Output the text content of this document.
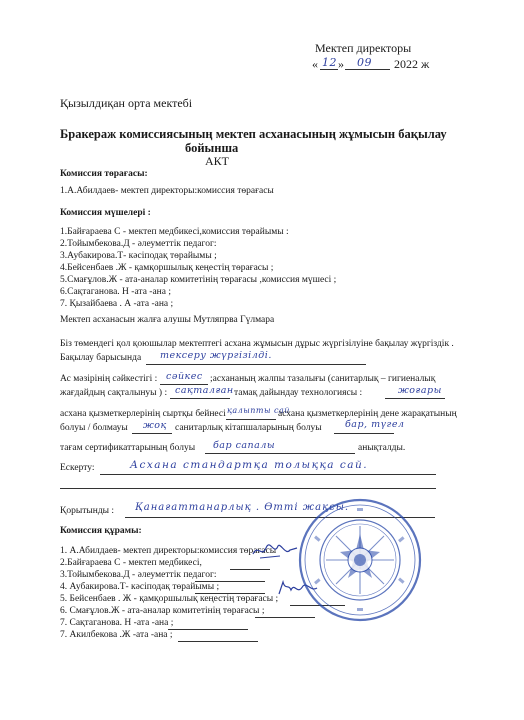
Мектеп директоры
« 12 » 09 2022 ж
Қызылдиқан орта мектебі
Бракераж комиссиясының мектеп асханасының жұмысын бақылау
бойынша
АКТ
Комиссия төрағасы:
1.А.Абилдаев- мектеп директоры:комиссия төрағасы
Комиссия мүшелері :
1.Байғараева С - мектеп медбикесі,комиссия төрайымы :
2.Тойымбекова.Д - әлеуметтік педагог:
3.Аубакирова.Т- кәсіподақ төрайымы ;
4.Бейсенбаев .Ж - қамқоршылық кеңестің төрағасы ;
5.Смағұлов.Ж - ата-аналар комитетінің төрағасы ,комиссия мүшесі ;
6.Сақтаганова. Н -ата -ана ;
7. Қызайбаева . А -ата -ана ;
Мектеп асханасын жалға алушы Мутляпрва Гүлмара
Біз төмендегі қол қоюшылар мектептегі асхана жұмысын дұрыс жүргізілуіне бақылау жүргіздік .
Бақылау барысында тексеру жүргізілді.
Ас мәзірінің сәйкестігі : сәйкес ;асхананың жалпы тазалығы (санитарлық – гигиеналық
жағдайдың сақталынуы ) : сақталған тамақ дайындау технологиясы :	жоғары
асхана қызметкерлерінің сыртқы бейнесі қалыпты сай
асхана қызметкерлерінің дене жарақатының
болуы / болмауы жоқ санитарлық кітапшаларының болуы бар, түгел
тағам сертификаттарының болуы бар сапалы	анықталды.
Ескерту:	Асхана стандартқа толыққа сай.
Қорытынды : Қанағаттанарлық . Өтті жақсы.
Комиссия құрамы:
1. А.Абилдаев- мектеп директоры:комиссия төрағасы
2.Байғараева С - мектеп медбикесі,
3.Тойымбекова.Д - әлеуметтік педагог:
4. Аубакирова.Т- кәсіподақ төрайымы ;
5. Бейсенбаев . Ж - қамқоршылық кеңестің төрағасы ;
6. Смағұлов.Ж - ата-аналар комитетінің төрағасы ;
7. Сақтаганова. Н -ата -ана ;
7. Акилбекова .Ж -ата -ана ;
